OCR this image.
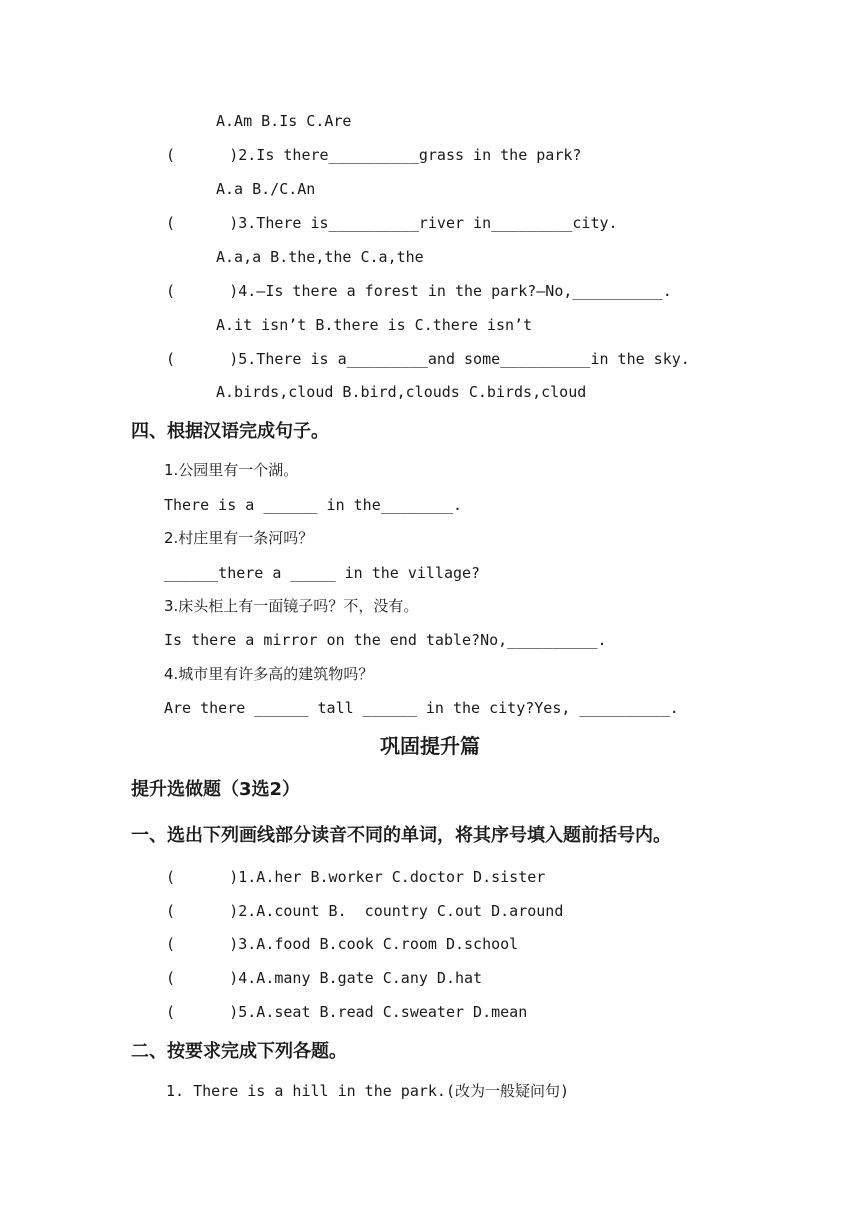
A.Am B.Is C.Are
(      )2.Is there__________grass in the park?
A.a B./C.An
(      )3.There is__________river in_________city.
A.a,a B.the,the C.a,the
(      )4.—Is there a forest in the park?—No,__________.
A.it isn’t B.there is C.there isn’t
(      )5.There is a_________and some__________in the sky.
A.birds,cloud B.bird,clouds C.birds,cloud
四、根据汉语完成句子。
1.公园里有一个湖。
There is a ______ in the________.
2.村庄里有一条河吗？
______there a _____ in the village?
3.床头柜上有一面镜子吗？不，没有。
Is there a mirror on the end table?No,__________.
4.城市里有许多高的建筑物吗？
Are there ______ tall ______ in the city?Yes, __________.
巩固提升篇
提升选做题（3选2）
一、选出下列画线部分读音不同的单词，将其序号填入题前括号内。
(      )1.A.her B.worker C.doctor D.sister
(      )2.A.count B.  country C.out D.around
(      )3.A.food B.cook C.room D.school
(      )4.A.many B.gate C.any D.hat
(      )5.A.seat B.read C.sweater D.mean
二、按要求完成下列各题。
1. There is a hill in the park.(改为一般疑问句)
